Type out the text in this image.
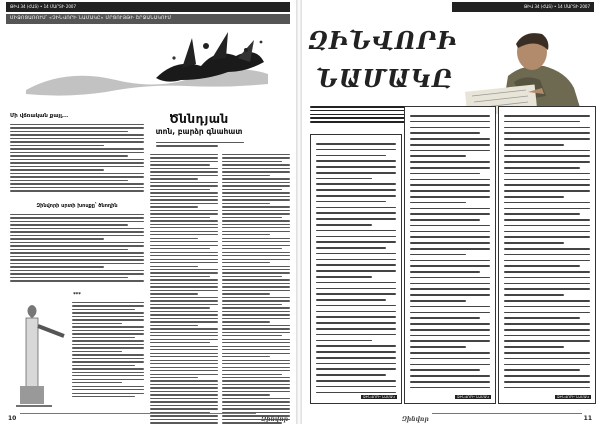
ԹԻՎ 34 (ՀԱՏ) • 14 ՄԱՐՏԻ 2007
ՄԻՋՈՑԱՌՈՒՄ՝ «ՉԻՆՎՈՐԻ ՆԱՄԱԿԸ» ՄՐՑՈՒՅԹԻ ՇՐՋԱՆԱԿՈՒՄ
Մի վճռական քայլ...
Զինվորի սրտի խոսքը՝ ծնողին
***
Ծննդյան
տոն, բարձր գնահատ
10	Զինվոր
ԹԻՎ 34 (ՀԱՏ) • 14 ՄԱՐՏԻ 2007
ԶԻՆՎՈՐԻ
ՆԱՄԱԿԸ
ԶԻՆՎՈՐԻ ՆԱՄԱԿ	ԶԻՆՎՈՐԻ ՆԱՄԱԿ	ԶԻՆՎՈՐԻ ՆԱՄԱԿ
Զինվոր	11
